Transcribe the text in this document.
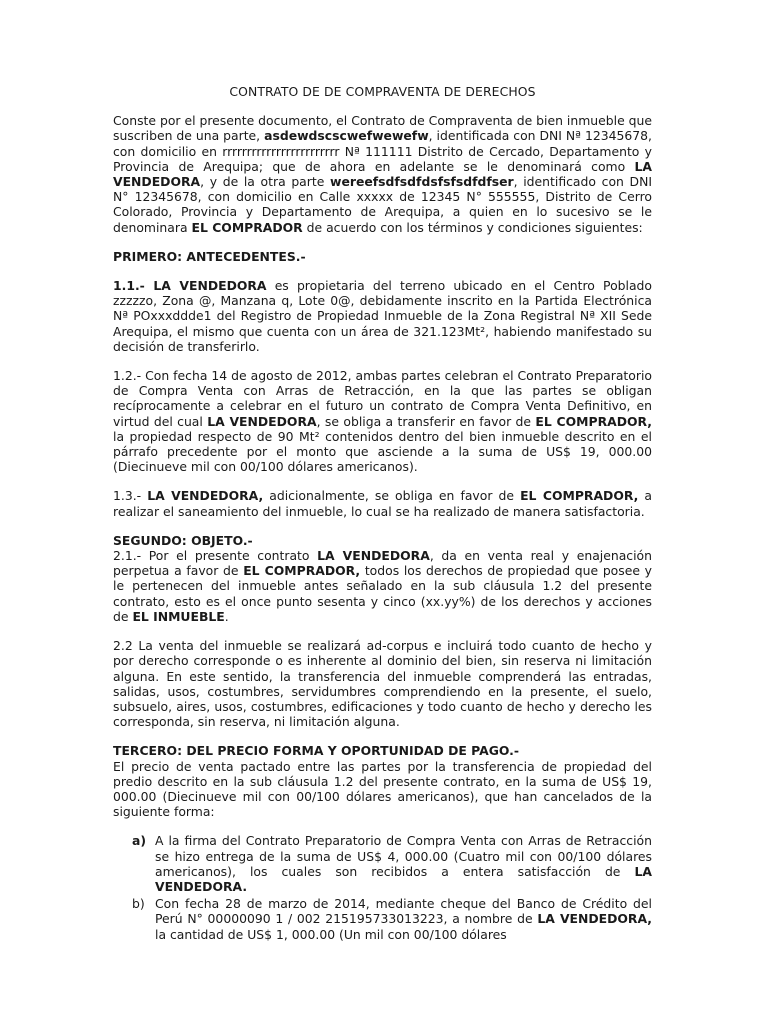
CONTRATO DE DE COMPRAVENTA DE DERECHOS

Conste por el presente documento, el Contrato de Compraventa de bien inmueble que suscriben de una parte, asdewdscscwefwewefw, identificada con DNI Nª 12345678, con domicilio en rrrrrrrrrrrrrrrrrrrrrrrr Nª 111111 Distrito de Cercado, Departamento y Provincia de Arequipa; que de ahora en adelante se le denominará como LA VENDEDORA, y de la otra parte wereefsdfsdfdsfsfsdfdfser, identificado con DNI N° 12345678, con domicilio en Calle xxxxx de 12345 N° 555555, Distrito de Cerro Colorado, Provincia y Departamento de Arequipa, a quien en lo sucesivo se le denominara EL COMPRADOR de acuerdo con los términos y condiciones siguientes:

PRIMERO: ANTECEDENTES.-

1.1.- LA VENDEDORA es propietaria del terreno ubicado en el Centro Poblado zzzzzo, Zona @, Manzana q, Lote 0@, debidamente inscrito en la Partida Electrónica Nª POxxxddde1 del Registro de Propiedad Inmueble de la Zona Registral Nª XII Sede Arequipa, el mismo que cuenta con un área de 321.123Mt², habiendo manifestado su decisión de transferirlo.

1.2.- Con fecha 14 de agosto de 2012, ambas partes celebran el Contrato Preparatorio de Compra Venta con Arras de Retracción, en la que las partes se obligan recíprocamente a celebrar en el futuro un contrato de Compra Venta Definitivo, en virtud del cual LA VENDEDORA, se obliga a transferir en favor de EL COMPRADOR, la propiedad respecto de 90 Mt² contenidos dentro del bien inmueble descrito en el párrafo precedente por el monto que asciende a la suma de US$ 19, 000.00 (Diecinueve mil con 00/100 dólares americanos).

1.3.- LA VENDEDORA, adicionalmente, se obliga en favor de EL COMPRADOR, a realizar el saneamiento del inmueble, lo cual se ha realizado de manera satisfactoria.

SEGUNDO: OBJETO.-

2.1.- Por el presente contrato LA VENDEDORA, da en venta real y enajenación perpetua a favor de EL COMPRADOR, todos los derechos de propiedad que posee y le pertenecen del inmueble antes señalado en la sub cláusula 1.2 del presente contrato, esto es el once punto sesenta y cinco (xx.yy%) de los derechos y acciones de EL INMUEBLE.

2.2 La venta del inmueble se realizará ad-corpus e incluirá todo cuanto de hecho y por derecho corresponde o es inherente al dominio del bien, sin reserva ni limitación alguna. En este sentido, la transferencia del inmueble comprenderá las entradas, salidas, usos, costumbres, servidumbres comprendiendo en la presente, el suelo, subsuelo, aires, usos, costumbres, edificaciones y todo cuanto de hecho y derecho les corresponda, sin reserva, ni limitación alguna.

TERCERO: DEL PRECIO FORMA Y OPORTUNIDAD DE PAGO.-

El precio de venta pactado entre las partes por la transferencia de propiedad del predio descrito en la sub cláusula 1.2 del presente contrato, en la suma de US$ 19, 000.00 (Diecinueve mil con 00/100 dólares americanos), que han cancelados de la siguiente forma:

a) A la firma del Contrato Preparatorio de Compra Venta con Arras de Retracción se hizo entrega de la suma de US$ 4, 000.00 (Cuatro mil con 00/100 dólares americanos), los cuales son recibidos a entera satisfacción de LA VENDEDORA.
b) Con fecha 28 de marzo de 2014, mediante cheque del Banco de Crédito del Perú N° 00000090 1 / 002 215195733013223, a nombre de LA VENDEDORA, la cantidad de US$ 1, 000.00 (Un mil con 00/100 dólares
